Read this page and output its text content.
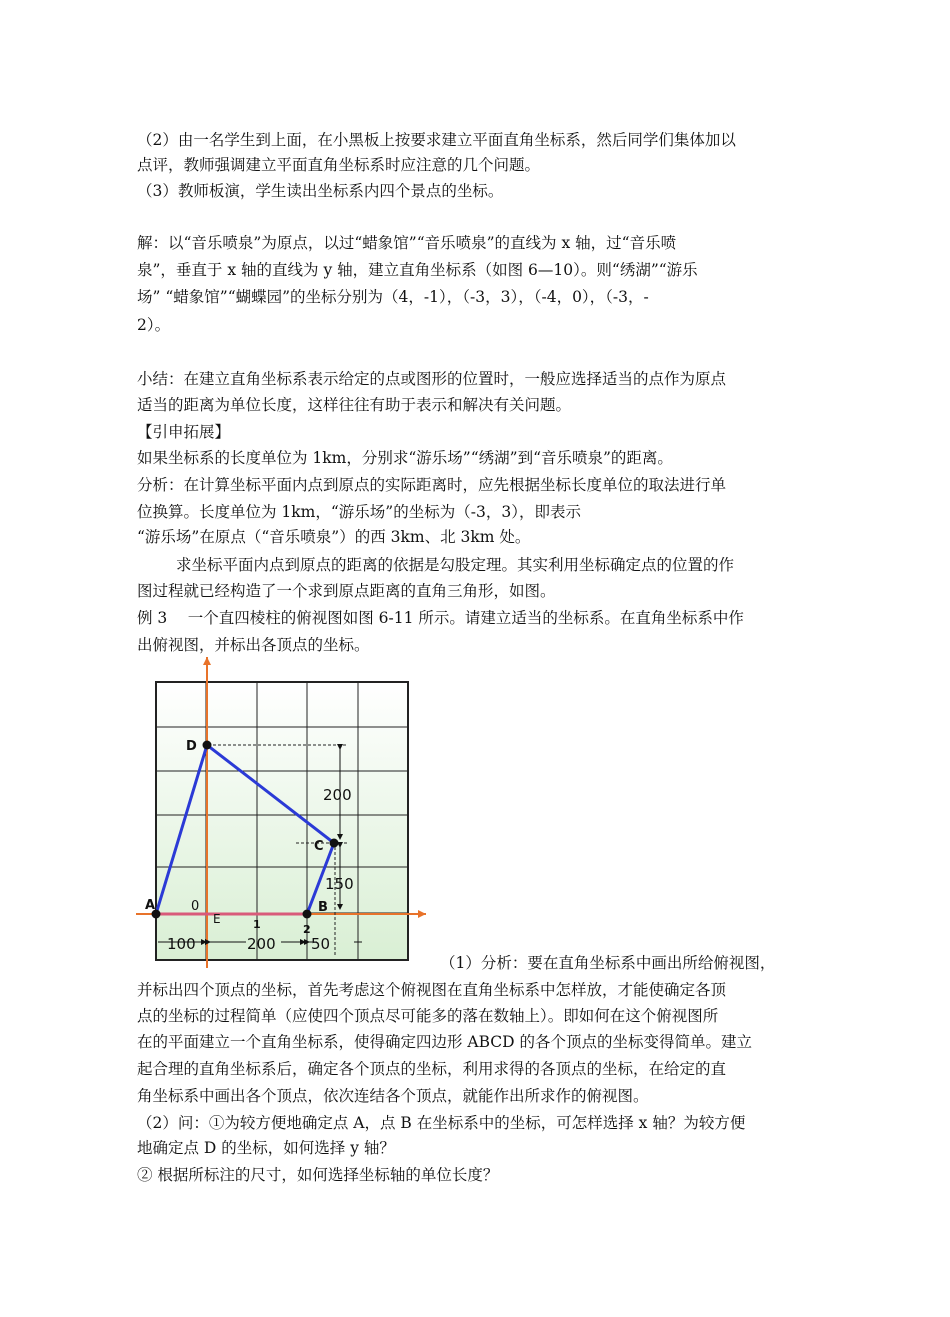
（2）由一名学生到上面，在小黑板上按要求建立平面直角坐标系，然后同学们集体加以
点评，教师强调建立平面直角坐标系时应注意的几个问题。
（3）教师板演，学生读出坐标系内四个景点的坐标。
解：以“音乐喷泉”为原点，以过“蜡象馆”“音乐喷泉”的直线为 x 轴，过“音乐喷
泉”，垂直于 x 轴的直线为 y 轴，建立直角坐标系（如图 6—10）。则“绣湖”“游乐
场” “蜡象馆”“蝴蝶园”的坐标分别为（4，-1），（-3，3），（-4，0），（-3，-
2）。
小结：在建立直角坐标系表示给定的点或图形的位置时，一般应选择适当的点作为原点
适当的距离为单位长度，这样往往有助于表示和解决有关问题。
【引申拓展】
如果坐标系的长度单位为 1km，分别求“游乐场”“绣湖”到“音乐喷泉”的距离。
分析：在计算坐标平面内点到原点的实际距离时，应先根据坐标长度单位的取法进行单
位换算。长度单位为 1km，“游乐场”的坐标为（-3，3），即表示
“游乐场”在原点（“音乐喷泉”）的西 3km、北 3km 处。
求坐标平面内点到原点的距离的依据是勾股定理。其实利用坐标确定点的位置的作
图过程就已经构造了一个求到原点距离的直角三角形，如图。
例 3　 一个直四棱柱的俯视图如图 6-11 所示。请建立适当的坐标系。在直角坐标系中作
出俯视图，并标出各顶点的坐标。
D
C
A	B
E
0
1	2
100	200 50
200
150
（1）分析：要在直角坐标系中画出所给俯视图，
并标出四个顶点的坐标，首先考虑这个俯视图在直角坐标系中怎样放，才能使确定各顶
点的坐标的过程简单（应使四个顶点尽可能多的落在数轴上）。即如何在这个俯视图所
在的平面建立一个直角坐标系，使得确定四边形 ABCD 的各个顶点的坐标变得简单。建立
起合理的直角坐标系后，确定各个顶点的坐标，利用求得的各顶点的坐标，在给定的直
角坐标系中画出各个顶点，依次连结各个顶点，就能作出所求作的俯视图。
（2）问：①为较方便地确定点 A，点 B 在坐标系中的坐标，可怎样选择 x 轴？为较方便
地确定点 D 的坐标，如何选择 y 轴？
② 根据所标注的尺寸，如何选择坐标轴的单位长度？
